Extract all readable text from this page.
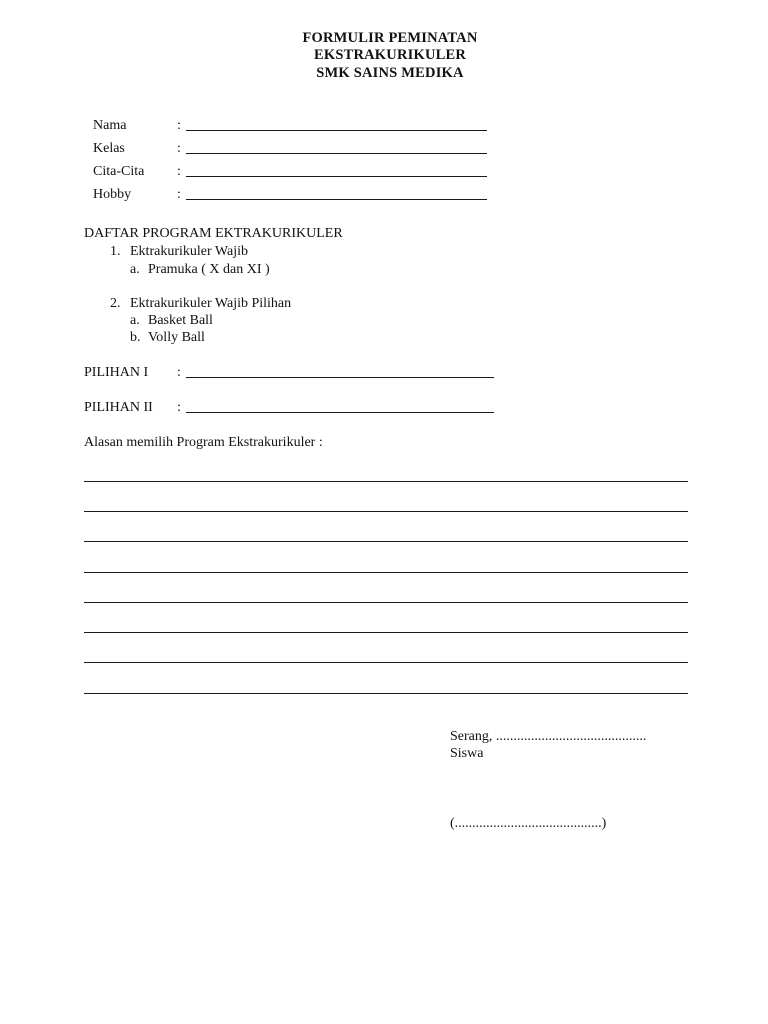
FORMULIR PEMINATAN
EKSTRAKURIKULER
SMK SAINS MEDIKA
Nama	:
Kelas	:
Cita-Cita :
Hobby	:
DAFTAR PROGRAM EKTRAKURIKULER
1. Ektrakurikuler Wajib
a. Pramuka ( X dan XI )
2. Ektrakurikuler Wajib Pilihan
a. Basket Ball
b. Volly Ball
PILIHAN I :
PILIHAN II :
Alasan memilih Program Ekstrakurikuler :
Serang, ...........................................
Siswa
(..........................................)
